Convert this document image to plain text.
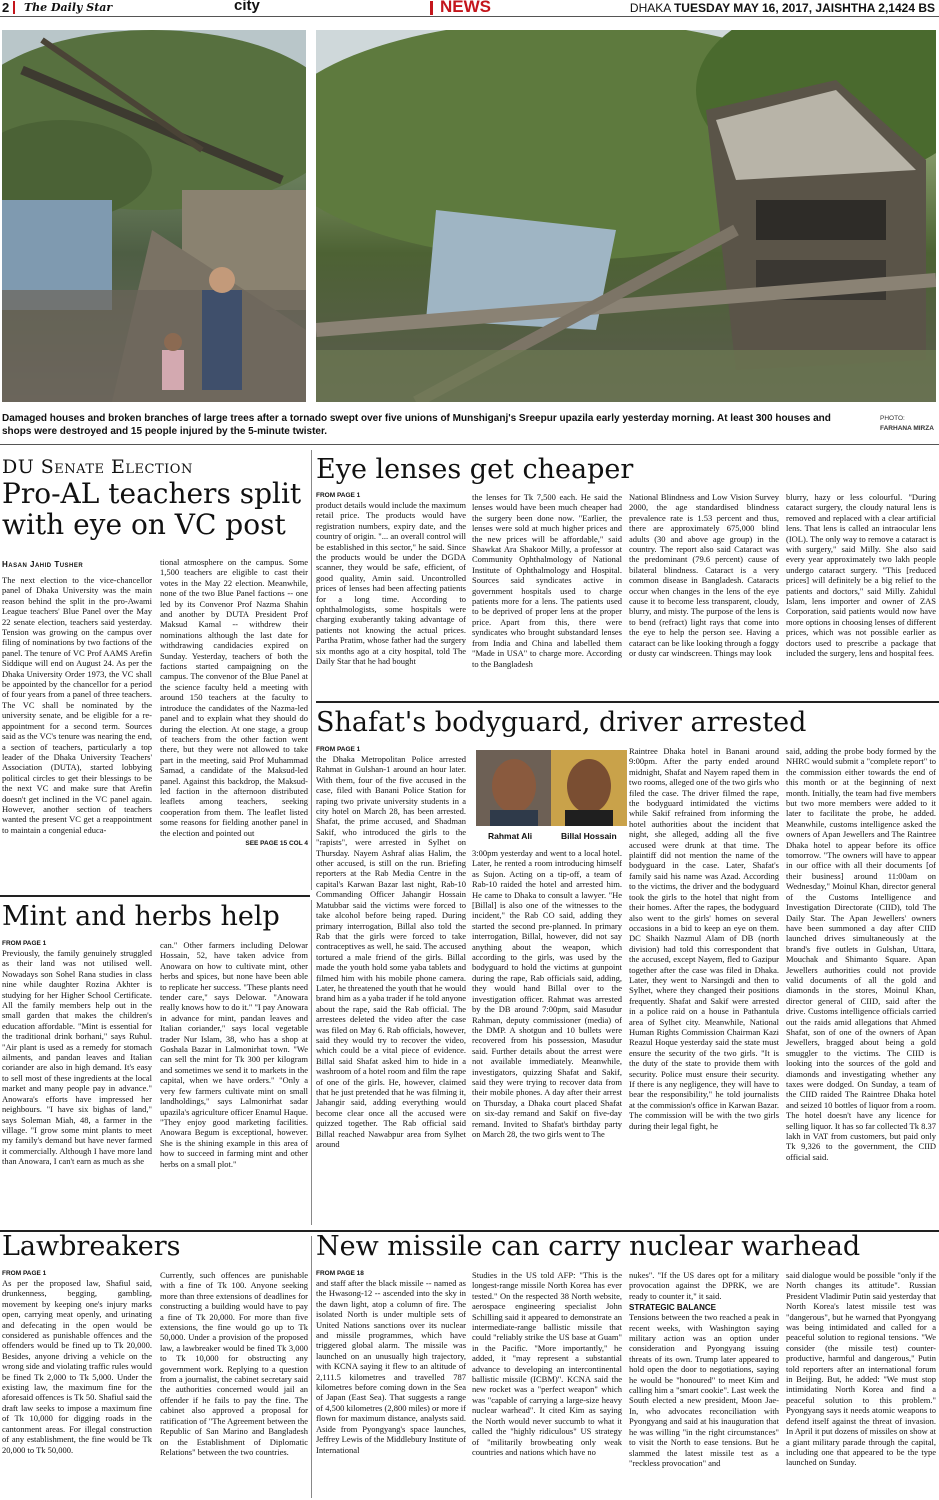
2 The Daily Star	city	NEWS	DHAKA TUESDAY MAY 16, 2017, JAISHTHA 2,1424 BS
Damaged houses and broken branches of large trees after a tornado swept over five unions of Munshiganj's Sreepur upazila early yesterday morning. At least 300 houses and shops were destroyed and 15 people injured by the 5-minute twister.
PHOTO:
FARHANA MIRZA
DU Senate Election
Pro-AL teachers split with eye on VC post
Hasan Jahid Tusher
The next election to the vice-chancellor panel of Dhaka University was the main reason behind the split in the pro-Awami League teachers' Blue Panel over the May 22 senate election, teachers said yesterday. Tension was growing on the campus over filing of nominations by two factions of the panel. The tenure of VC Prof AAMS Arefin Siddique will end on August 24. As per the Dhaka University Order 1973, the VC shall be appointed by the chancellor for a period of four years from a panel of three teachers. The VC shall be nominated by the university senate, and be eligible for a re-appointment for a second term. Sources said as the VC's tenure was nearing the end, a section of teachers, particularly a top leader of the Dhaka University Teachers' Association (DUTA), started lobbying political circles to get their blessings to be the next VC and make sure that Arefin doesn't get inclined in the VC panel again. However, another section of teachers wanted the present VC get a reappointment to maintain a congenial educa-
tional atmosphere on the campus. Some 1,500 teachers are eligible to cast their votes in the May 22 election. Meanwhile, none of the two Blue Panel factions -- one led by its Convenor Prof Nazma Shahin and another by DUTA President Prof Maksud Kamal -- withdrew their nominations although the last date for withdrawing candidacies expired on Sunday. Yesterday, teachers of both the factions started campaigning on the campus. The convenor of the Blue Panel at the science faculty held a meeting with around 150 teachers at the faculty to introduce the candidates of the Nazma-led panel and to explain what they should do during the election. At one stage, a group of teachers from the other faction went there, but they were not allowed to take part in the meeting, said Prof Muhammad Samad, a candidate of the Maksud-led panel. Against this backdrop, the Maksud-led faction in the afternoon distributed leaflets among teachers, seeking cooperation from them. The leaflet listed some reasons for fielding another panel in the election and pointed out
SEE PAGE 15 COL 4
Eye lenses get cheaper
FROM PAGE 1
product details would include the maximum retail price. The products would have registration numbers, expiry date, and the country of origin. "... an overall control will be established in this sector," he said. Since the products would be under the DGDA scanner, they would be safe, efficient, of good quality, Amin said. Uncontrolled prices of lenses had been affecting patients for a long time. According to ophthalmologists, some hospitals were charging exuberantly taking advantage of patients not knowing the actual prices. Partha Pratim, whose father had the surgery six months ago at a city hospital, told The Daily Star that he had bought
the lenses for Tk 7,500 each. He said the lenses would have been much cheaper had the surgery been done now. "Earlier, the lenses were sold at much higher prices and the new prices will be affordable," said Shawkat Ara Shakoor Milly, a professor at Community Ophthalmology of National Institute of Ophthalmology and Hospital. Sources said syndicates active in government hospitals used to charge patients more for a lens. The patients used to be deprived of proper lens at the proper price. Apart from this, there were syndicates who brought substandard lenses from India and China and labelled them "Made in USA" to charge more. According to the Bangladesh
National Blindness and Low Vision Survey 2000, the age standardised blindness prevalence rate is 1.53 percent and thus, there are approximately 675,000 blind adults (30 and above age group) in the country. The report also said Cataract was the predominant (79.6 percent) cause of bilateral blindness. Cataract is a very common disease in Bangladesh. Cataracts occur when changes in the lens of the eye cause it to become less transparent, cloudy, blurry, and misty. The purpose of the lens is to bend (refract) light rays that come into the eye to help the person see. Having a cataract can be like looking through a foggy or dusty car windscreen. Things may look
blurry, hazy or less colourful. "During cataract surgery, the cloudy natural lens is removed and replaced with a clear artificial lens. That lens is called an intraocular lens (IOL). The only way to remove a cataract is with surgery," said Milly. She also said every year approximately two lakh people undergo cataract surgery. "This [reduced prices] will definitely be a big relief to the patients and doctors," said Milly. Zahidul Islam, lens importer and owner of ZAS Corporation, said patients would now have more options in choosing lenses of different prices, which was not possible earlier as doctors used to prescribe a package that included the surgery, lens and hospital fees.
Shafat's bodyguard, driver arrested
FROM PAGE 1
the Dhaka Metropolitan Police arrested Rahmat in Gulshan-1 around an hour later. With them, four of the five accused in the case, filed with Banani Police Station for raping two private university students in a city hotel on March 28, has been arrested. Shafat, the prime accused, and Shadman Sakif, who introduced the girls to the "rapists", were arrested in Sylhet on Thursday. Nayem Ashraf alias Halim, the other accused, is still on the run. Briefing reporters at the Rab Media Centre in the capital's Karwan Bazar last night, Rab-10 Commanding Officer Jahangir Hossain Matubbar said the victims were forced to take alcohol before being raped. During primary interrogation, Billal also told the Rab that the girls were forced to take contraceptives as well, he said. The accused tortured a male friend of the girls. Billal made the youth hold some yaba tablets and filmed him with his mobile phone camera. Later, he threatened the youth that he would brand him as a yaba trader if he told anyone about the rape, said the Rab official. The arrestees deleted the video after the case was filed on May 6. Rab officials, however, said they would try to recover the video, which could be a vital piece of evidence. Billal said Shafat asked him to hide in a washroom of a hotel room and film the rape of one of the girls. He, however, claimed that he just pretended that he was filming it, Jahangir said, adding everything would become clear once all the accused were quizzed together. The Rab official said Billal reached Nawabpur area from Sylhet around
Rahmat Ali	Billal Hossain
3:00pm yesterday and went to a local hotel. Later, he rented a room introducing himself as Sujon. Acting on a tip-off, a team of Rab-10 raided the hotel and arrested him. He came to Dhaka to consult a lawyer. "He [Billal] is also one of the witnesses to the incident," the Rab CO said, adding they started the second pre-planned. In primary interrogation, Billal, however, did not say anything about the weapon, which according to the girls, was used by the bodyguard to hold the victims at gunpoint during the rape, Rab officials said, adding, they would hand Billal over to the investigation officer. Rahmat was arrested by the DB around 7:00pm, said Masudur Rahman, deputy commissioner (media) of the DMP. A shotgun and 10 bullets were recovered from his possession, Masudur said. Further details about the arrest were not available immediately. Meanwhile, investigators, quizzing Shafat and Sakif, said they were trying to recover data from their mobile phones. A day after their arrest on Thursday, a Dhaka court placed Shafat on six-day remand and Sakif on five-day remand. Invited to Shafat's birthday party on March 28, the two girls went to The
Raintree Dhaka hotel in Banani around 9:00pm. After the party ended around midnight, Shafat and Nayem raped them in two rooms, alleged one of the two girls who filed the case. The driver filmed the rape, the bodyguard intimidated the victims while Sakif refrained from informing the hotel authorities about the incident that night, she alleged, adding all the five accused were drunk at that time. The plaintiff did not mention the name of the bodyguard in the case. Later, Shafat's family said his name was Azad. According to the victims, the driver and the bodyguard took the girls to the hotel that night from their homes. After the rapes, the bodyguard also went to the girls' homes on several occasions in a bid to keep an eye on them. DC Shaikh Nazmul Alam of DB (north division) had told this correspondent that the accused, except Nayem, fled to Gazipur together after the case was filed in Dhaka. Later, they went to Narsingdi and then to Sylhet, where they changed their positions frequently. Shafat and Sakif were arrested in a police raid on a house in Pathantula area of Sylhet city. Meanwhile, National Human Rights Commission Chairman Kazi Reazul Hoque yesterday said the state must ensure the security of the two girls. "It is the duty of the state to provide them with security. Police must ensure their security. If there is any negligence, they will have to bear the responsibility," he told journalists at the commission's office in Karwan Bazar. The commission will be with the two girls during their legal fight, he
said, adding the probe body formed by the NHRC would submit a "complete report" to the commission either towards the end of this month or at the beginning of next month. Initially, the team had five members but two more members were added to it later to facilitate the probe, he added. Meanwhile, customs intelligence asked the owners of Apan Jewellers and The Raintree Dhaka hotel to appear before its office tomorrow. "The owners will have to appear in our office with all their documents [of their business] around 11:00am on Wednesday," Moinul Khan, director general of the Customs Intelligence and Investigation Directorate (CIID), told The Daily Star. The Apan Jewellers' owners have been summoned a day after CIID launched drives simultaneously at the brand's five outlets in Gulshan, Uttara, Mouchak and Shimanto Square. Apan Jewellers authorities could not provide valid documents of all the gold and diamonds in the stores, Moinul Khan, director general of CIID, said after the drive. Customs intelligence officials carried out the raids amid allegations that Ahmed Shafat, son of one of the owners of Apan Jewellers, bragged about being a gold smuggler to the victims. The CIID is looking into the sources of the gold and diamonds and investigating whether any taxes were dodged. On Sunday, a team of the CIID raided The Raintree Dhaka hotel and seized 10 bottles of liquor from a room. The hotel doesn't have any licence for selling liquor. It has so far collected Tk 8.37 lakh in VAT from customers, but paid only Tk 9,326 to the government, the CIID official said.
Mint and herbs help
FROM PAGE 1
Previously, the family genuinely struggled as their land was not utilised well. Nowadays son Sohel Rana studies in class nine while daughter Rozina Akhter is studying for her Higher School Certificate. All the family members help out in the small garden that makes the children's education affordable. "Mint is essential for the traditional drink borhani," says Ruhul. "Air plant is used as a remedy for stomach ailments, and pandan leaves and Italian coriander are also in high demand. It's easy to sell most of these ingredients at the local market and many people pay in advance." Anowara's efforts have impressed her neighbours. "I have six bighas of land," says Soleman Miah, 48, a farmer in the village. "I grow some mint plants to meet my family's demand but have never farmed it commercially. Although I have more land than Anowara, I can't earn as much as she
can." Other farmers including Delowar Hossain, 52, have taken advice from Anowara on how to cultivate mint, other herbs and spices, but none have been able to replicate her success. "These plants need tender care," says Delowar. "Anowara really knows how to do it." "I pay Anowara in advance for mint, pandan leaves and Italian coriander," says local vegetable trader Nur Islam, 38, who has a shop at Goshala Bazar in Lalmonirhat town. "We can sell the mint for Tk 300 per kilogram and sometimes we send it to markets in the capital, when we have orders." "Only a very few farmers cultivate mint on small landholdings," says Lalmonirhat sadar upazila's agriculture officer Enamul Haque. "They enjoy good marketing facilities. Anowara Begum is exceptional, however. She is the shining example in this area of how to succeed in farming mint and other herbs on a small plot."
Lawbreakers
FROM PAGE 1
As per the proposed law, Shafiul said, drunkenness, begging, gambling, movement by keeping one's injury marks open, carrying meat openly, and urinating and defecating in the open would be considered as punishable offences and the offenders would be fined up to Tk 20,000. Besides, anyone driving a vehicle on the wrong side and violating traffic rules would be fined Tk 2,000 to Tk 5,000. Under the existing law, the maximum fine for the aforesaid offences is Tk 50. Shafiul said the draft law seeks to impose a maximum fine of Tk 10,000 for digging roads in the cantonment areas. For illegal construction of any establishment, the fine would be Tk 20,000 to Tk 50,000.
Currently, such offences are punishable with a fine of Tk 100. Anyone seeking more than three extensions of deadlines for constructing a building would have to pay a fine of Tk 20,000. For more than five extensions, the fine would go up to Tk 50,000. Under a provision of the proposed law, a lawbreaker would be fined Tk 3,000 to Tk 10,000 for obstructing any government work. Replying to a question from a journalist, the cabinet secretary said the authorities concerned would jail an offender if he fails to pay the fine. The cabinet also approved a proposal for ratification of "The Agreement between the Republic of San Marino and Bangladesh on the Establishment of Diplomatic Relations" between the two countries.
New missile can carry nuclear warhead
FROM PAGE 18
and staff after the black missile -- named as the Hwasong-12 -- ascended into the sky in the dawn light, atop a column of fire. The isolated North is under multiple sets of United Nations sanctions over its nuclear and missile programmes, which have triggered global alarm. The missile was launched on an unusually high trajectory, with KCNA saying it flew to an altitude of 2,111.5 kilometres and travelled 787 kilometres before coming down in the Sea of Japan (East Sea). That suggests a range of 4,500 kilometres (2,800 miles) or more if flown for maximum distance, analysts said. Aside from Pyongyang's space launches, Jeffrey Lewis of the Middlebury Institute of International
Studies in the US told AFP: "This is the longest-range missile North Korea has ever tested." On the respected 38 North website, aerospace engineering specialist John Schilling said it appeared to demonstrate an intermediate-range ballistic missile that could "reliably strike the US base at Guam" in the Pacific. "More importantly," he added, it "may represent a substantial advance to developing an intercontinental ballistic missile (ICBM)". KCNA said the new rocket was a "perfect weapon" which was "capable of carrying a large-size heavy nuclear warhead". It cited Kim as saying the North would never succumb to what it called the "highly ridiculous" US strategy of "militarily browbeating only weak countries and nations which have no
nukes". "If the US dares opt for a military provocation against the DPRK, we are ready to counter it," it said.
STRATEGIC BALANCE
Tensions between the two reached a peak in recent weeks, with Washington saying military action was an option under consideration and Pyongyang issuing threats of its own. Trump later appeared to hold open the door to negotiations, saying he would be "honoured" to meet Kim and calling him a "smart cookie". Last week the South elected a new president, Moon Jae-In, who advocates reconciliation with Pyongyang and said at his inauguration that he was willing "in the right circumstances" to visit the North to ease tensions. But he slammed the latest missile test as a "reckless provocation" and
said dialogue would be possible "only if the North changes its attitude". Russian President Vladimir Putin said yesterday that North Korea's latest missile test was "dangerous", but he warned that Pyongyang was being intimidated and called for a peaceful solution to regional tensions. "We consider (the missile test) counter-productive, harmful and dangerous," Putin told reporters after an international forum in Beijing. But, he added: "We must stop intimidating North Korea and find a peaceful solution to this problem." Pyongyang says it needs atomic weapons to defend itself against the threat of invasion. In April it put dozens of missiles on show at a giant military parade through the capital, including one that appeared to be the type launched on Sunday.
